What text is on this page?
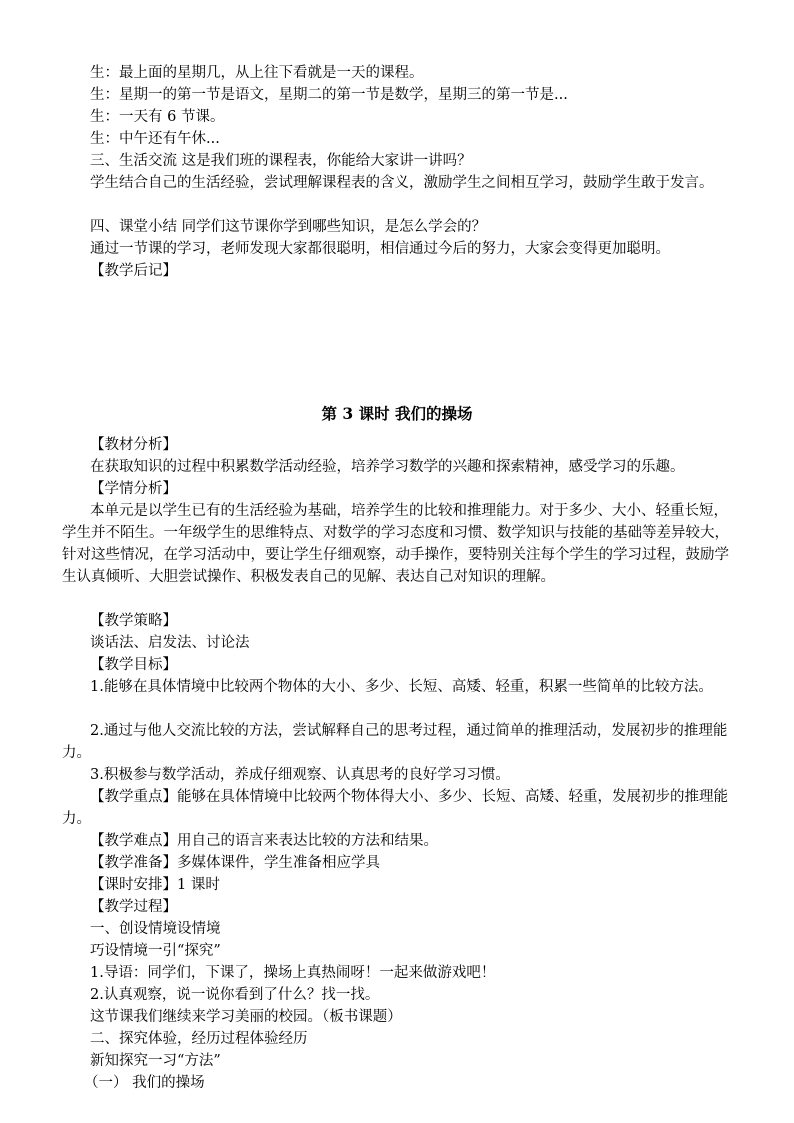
生：最上面的星期几，从上往下看就是一天的课程。
生：星期一的第一节是语文，星期二的第一节是数学，星期三的第一节是...
生：一天有 6 节课。
生：中午还有午休...
三、生活交流 这是我们班的课程表，你能给大家讲一讲吗？
学生结合自己的生活经验，尝试理解课程表的含义，激励学生之间相互学习，鼓励学生敢于发言。
四、课堂小结 同学们这节课你学到哪些知识，是怎么学会的？
通过一节课的学习，老师发现大家都很聪明，相信通过今后的努力，大家会变得更加聪明。
【教学后记】
第 3 课时 我们的操场
【教材分析】
在获取知识的过程中积累数学活动经验，培养学习数学的兴趣和探索精神，感受学习的乐趣。
【学情分析】
本单元是以学生已有的生活经验为基础，培养学生的比较和推理能力。对于多少、大小、轻重长短，学生并不陌生。一年级学生的思维特点、对数学的学习态度和习惯、数学知识与技能的基础等差异较大，针对这些情况，在学习活动中，要让学生仔细观察，动手操作，要特别关注每个学生的学习过程，鼓励学生认真倾听、大胆尝试操作、积极发表自己的见解、表达自己对知识的理解。
【教学策略】
谈话法、启发法、讨论法
【教学目标】
1.能够在具体情境中比较两个物体的大小、多少、长短、高矮、轻重，积累一些简单的比较方法。
2.通过与他人交流比较的方法，尝试解释自己的思考过程，通过简单的推理活动，发展初步的推理能力。
3.积极参与数学活动，养成仔细观察、认真思考的良好学习习惯。
【教学重点】能够在具体情境中比较两个物体得大小、多少、长短、高矮、轻重，发展初步的推理能力。
【教学难点】用自己的语言来表达比较的方法和结果。
【教学准备】多媒体课件，学生准备相应学具
【课时安排】1 课时
【教学过程】
一、创设情境设情境
巧设情境一引“探究”
1.导语：同学们，下课了，操场上真热闹呀！一起来做游戏吧！
2.认真观察，说一说你看到了什么？找一找。
这节课我们继续来学习美丽的校园。（板书课题）
二、探究体验，经历过程体验经历
新知探究一习“方法”
（一） 我们的操场
